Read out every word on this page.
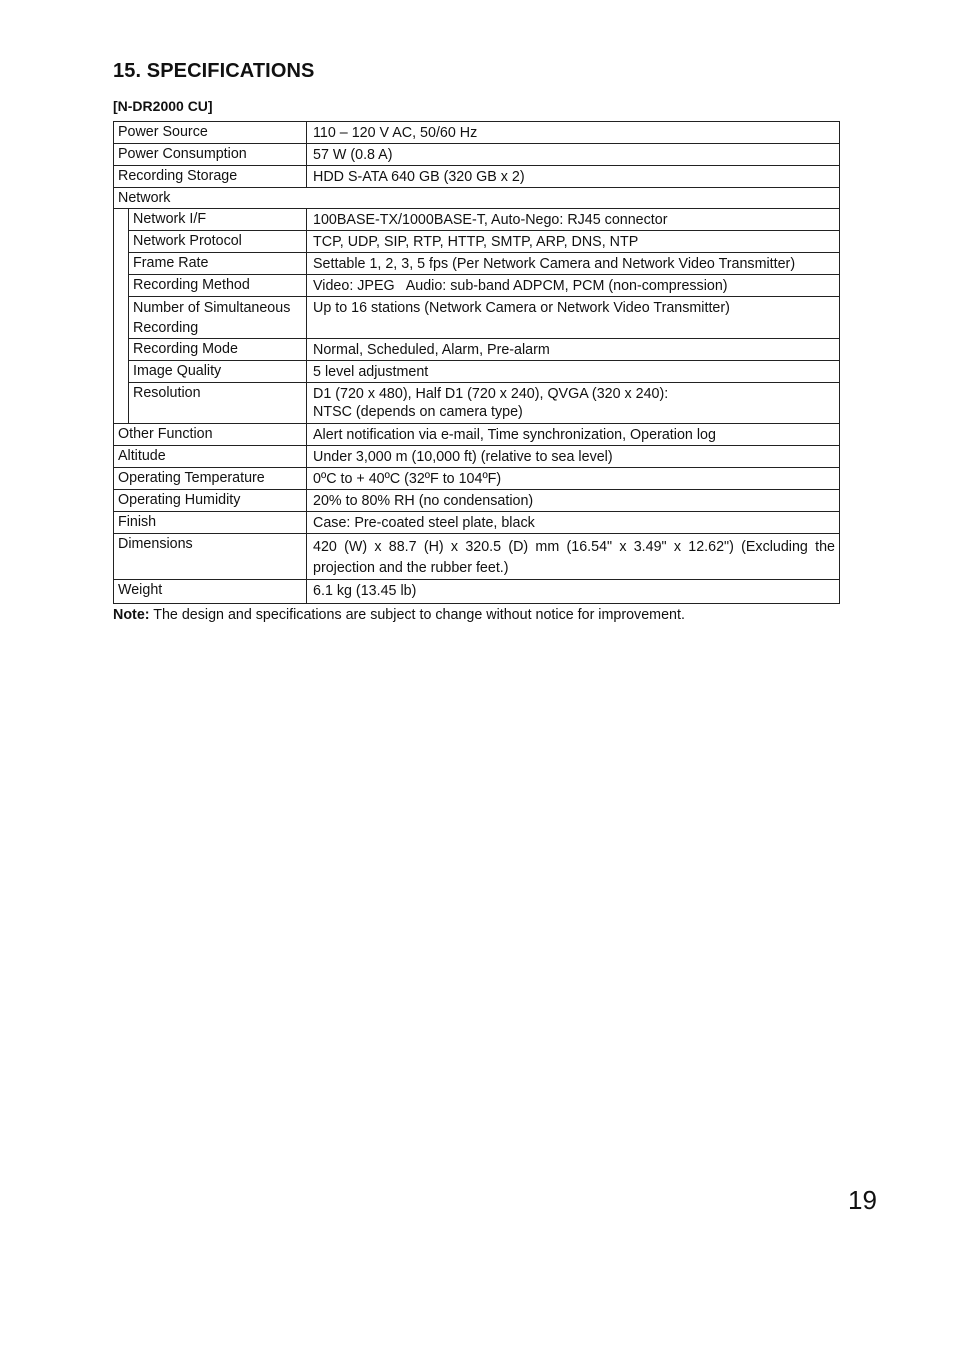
15. SPECIFICATIONS
[N-DR2000 CU]
Power Source		110 – 120 V AC, 50/60 Hz
Power Consumption		57 W (0.8 A)
Recording Storage		HDD S-ATA 640 GB (320 GB x 2)
Network		
	Network I/F	100BASE-TX/1000BASE-T, Auto-Nego: RJ45 connector
	Network Protocol	TCP, UDP, SIP, RTP, HTTP, SMTP, ARP, DNS, NTP
	Frame Rate	Settable 1, 2, 3, 5 fps (Per Network Camera and Network Video Transmitter)
	Recording Method	Video: JPEG   Audio: sub-band ADPCM, PCM (non-compression)
	Number of Simultaneous Recording	Up to 16 stations (Network Camera or Network Video Transmitter)
	Recording Mode	Normal, Scheduled, Alarm, Pre-alarm
	Image Quality	5 level adjustment
	Resolution	D1 (720 x 480), Half D1 (720 x 240), QVGA (320 x 240):
NTSC (depends on camera type)

Other Function		Alert notification via e-mail, Time synchronization, Operation log
Altitude		Under 3,000 m (10,000 ft) (relative to sea level)
Operating Temperature		0ºC to + 40ºC (32ºF to 104ºF)
Operating Humidity		20% to 80% RH (no condensation)
Finish		Case: Pre-coated steel plate, black
Dimensions		420 (W) x 88.7 (H) x 320.5 (D) mm (16.54" x 3.49" x 12.62") (Excluding the projection and the rubber feet.)
Weight		6.1 kg (13.45 lb)
Note: The design and specifications are subject to change without notice for improvement.
19
